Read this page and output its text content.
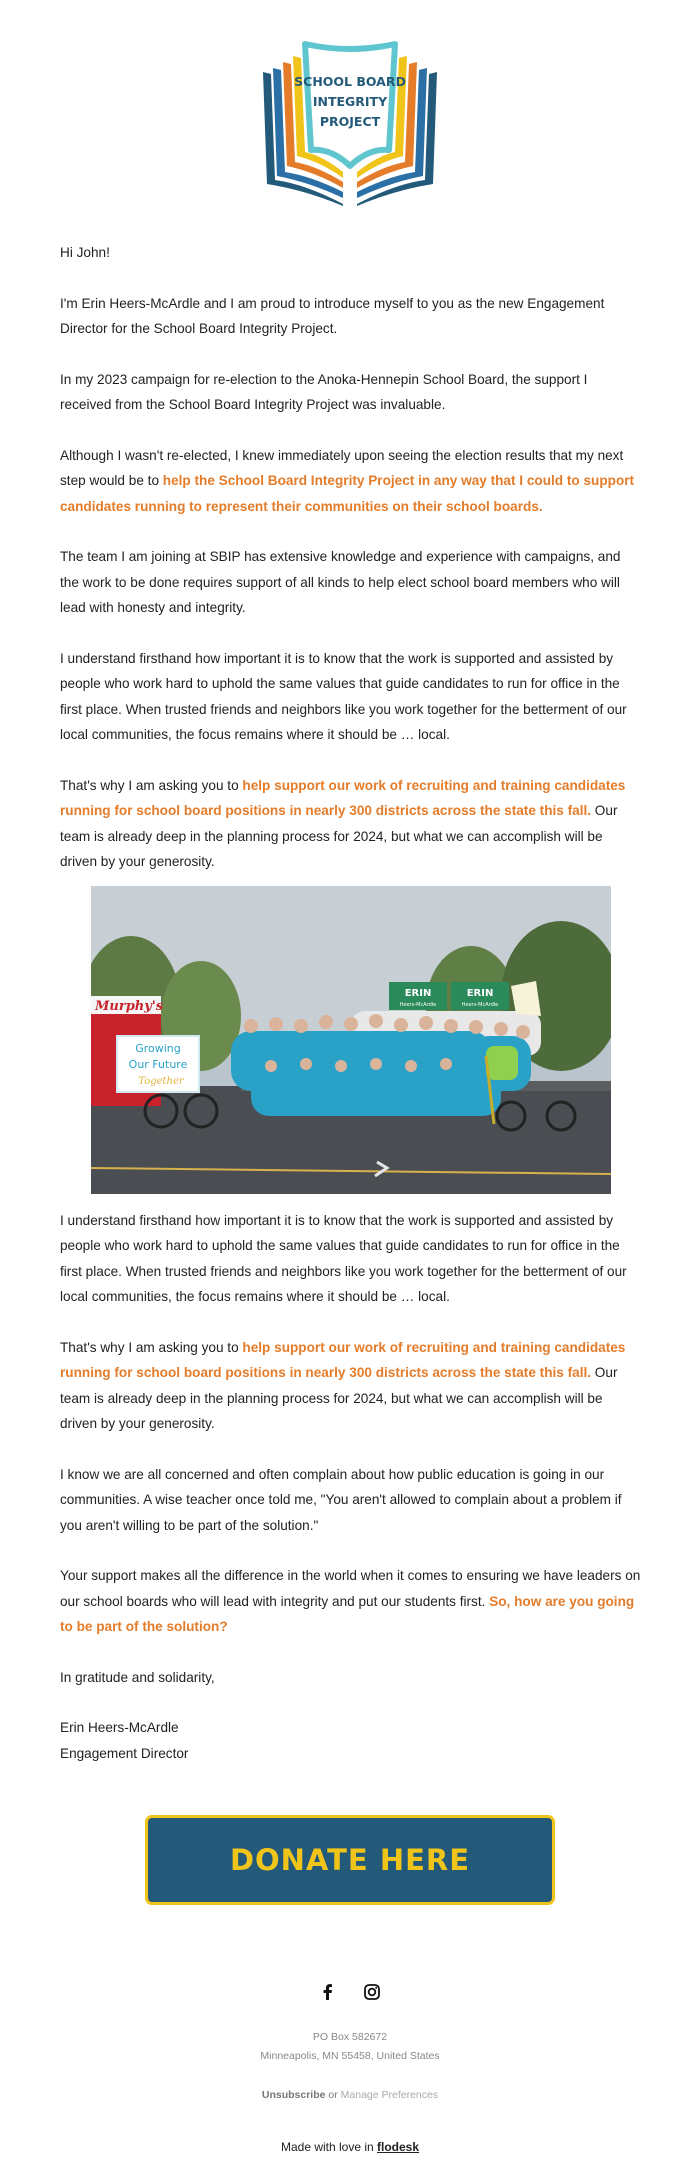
SCHOOL BOARD
INTEGRITY
PROJECT

Hi John!

I'm Erin Heers-McArdle and I am proud to introduce myself to you as the new Engagement Director for the School Board Integrity Project.

In my 2023 campaign for re-election to the Anoka-Hennepin School Board, the support I received from the School Board Integrity Project was invaluable.

Although I wasn't re-elected, I knew immediately upon seeing the election results that my next step would be to help the School Board Integrity Project in any way that I could to support candidates running to represent their communities on their school boards.

The team I am joining at SBIP has extensive knowledge and experience with campaigns, and the work to be done requires support of all kinds to help elect school board members who will lead with honesty and integrity.

I understand firsthand how important it is to know that the work is supported and assisted by people who work hard to uphold the same values that guide candidates to run for office in the first place. When trusted friends and neighbors like you work together for the betterment of our local communities, the focus remains where it should be … local.

That's why I am asking you to help support our work of recruiting and training candidates running for school board positions in nearly 300 districts across the state this fall. Our team is already deep in the planning process for 2024, but what we can accomplish will be driven by your generosity.

Murphy's
ERIN
Heers-McArdle
ERIN
Heers-McArdle
Growing
Our Future
Together

I understand firsthand how important it is to know that the work is supported and assisted by people who work hard to uphold the same values that guide candidates to run for office in the first place. When trusted friends and neighbors like you work together for the betterment of our local communities, the focus remains where it should be … local.

That's why I am asking you to help support our work of recruiting and training candidates running for school board positions in nearly 300 districts across the state this fall. Our team is already deep in the planning process for 2024, but what we can accomplish will be driven by your generosity.

I know we are all concerned and often complain about how public education is going in our communities. A wise teacher once told me, "You aren't allowed to complain about a problem if you aren't willing to be part of the solution."

Your support makes all the difference in the world when it comes to ensuring we have leaders on our school boards who will lead with integrity and put our students first. So, how are you going to be part of the solution?

In gratitude and solidarity,

Erin Heers-McArdle

Engagement Director

DONATE HERE

PO Box 582672
Minneapolis, MN 55458, United States
Unsubscribe or Manage Preferences
Made with love in flodesk
